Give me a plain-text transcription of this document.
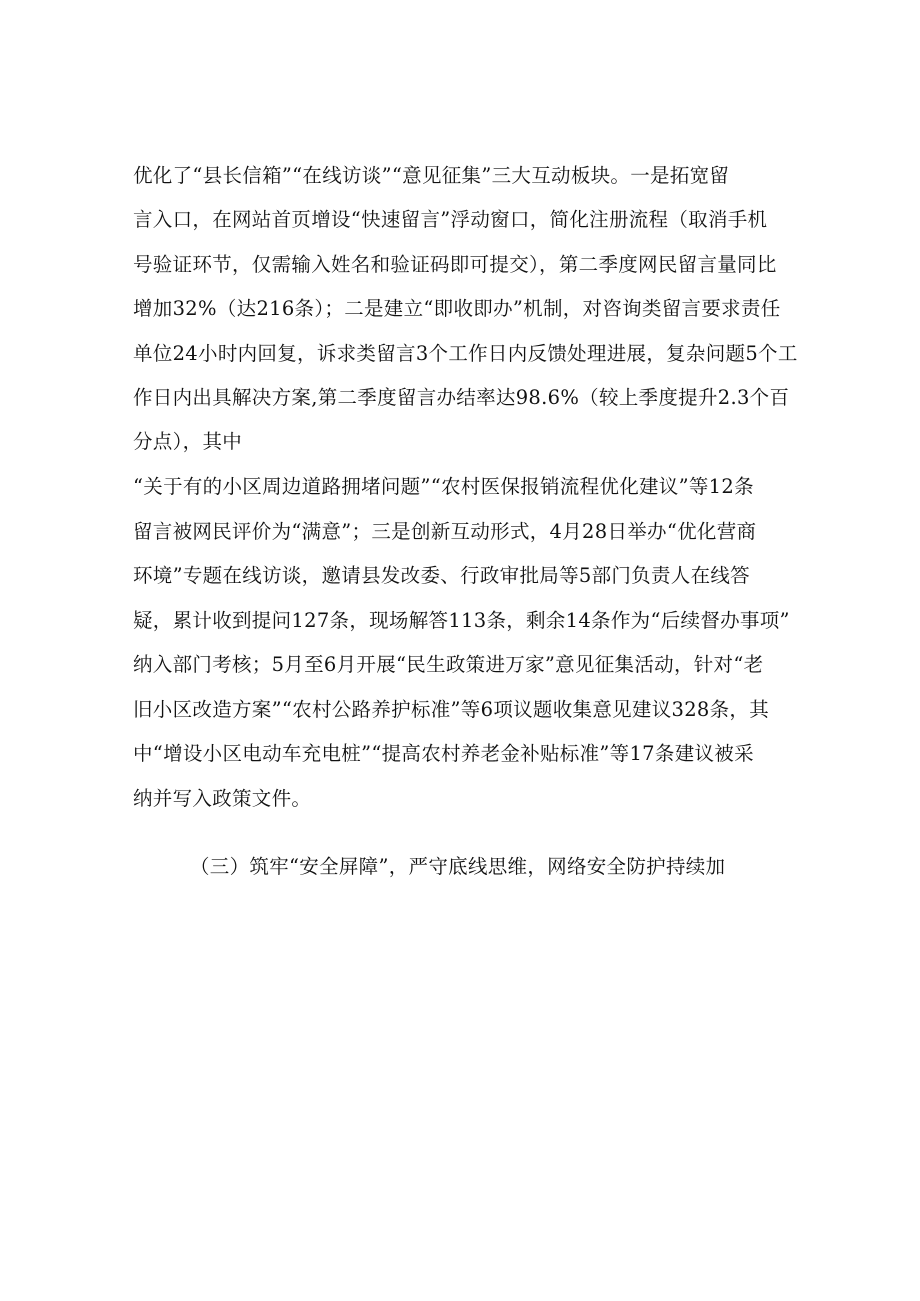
优化了“县长信箱”“在线访谈”“意见征集”三大互动板块。一是拓宽留
言入口，在网站首页增设“快速留言”浮动窗口，简化注册流程（取消手机
号验证环节，仅需输入姓名和验证码即可提交），第二季度网民留言量同比
增加32%（达216条）；二是建立“即收即办”机制，对咨询类留言要求责任
单位24小时内回复，诉求类留言3个工作日内反馈处理进展，复杂问题5个工
作日内出具解决方案,第二季度留言办结率达98.6%（较上季度提升2.3个百
分点），其中
“关于有的小区周边道路拥堵问题”“农村医保报销流程优化建议”等12条
留言被网民评价为“满意”；三是创新互动形式，4月28日举办“优化营商
环境”专题在线访谈，邀请县发改委、行政审批局等5部门负责人在线答
疑，累计收到提问127条，现场解答113条，剩余14条作为“后续督办事项”
纳入部门考核；5月至6月开展“民生政策进万家”意见征集活动，针对“老
旧小区改造方案”“农村公路养护标准”等6项议题收集意见建议328条，其
中“增设小区电动车充电桩”“提高农村养老金补贴标准”等17条建议被采
纳并写入政策文件。
（三）筑牢“安全屏障”，严守底线思维，网络安全防护持续加
